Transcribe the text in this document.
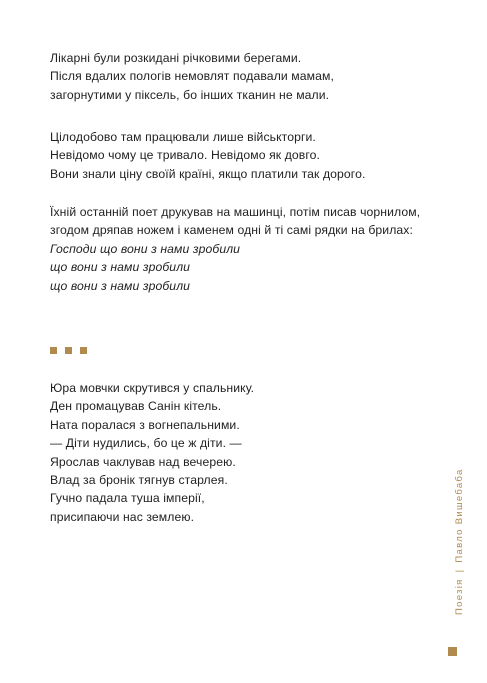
Лікарні були розкидані річковими берегами.
Після вдалих пологів немовлят подавали мамам,
загорнутими у піксель, бо інших тканин не мали.
Цілодобово там працювали лише військторги.
Невідомо чому це тривало. Невідомо як довго.
Вони знали ціну своїй країні, якщо платили так дорого.
Їхній останній поет друкував на машинці, потім писав чорнилом,
згодом дряпав ножем і каменем одні й ті самі рядки на брилах:
Господи що вони з нами зробили
що вони з нами зробили
що вони з нами зробили
Юра мовчки скрутився у спальнику.
Ден промацував Санін кітель.
Ната поралася з вогнепальними.
— Діти нудились, бо це ж діти. —
Ярослав чаклував над вечерею.
Влад за бронік тягнув старлея.
Гучно падала туша імперії,
присипаючи нас землею.
Поезія|Павло Вишебаба
